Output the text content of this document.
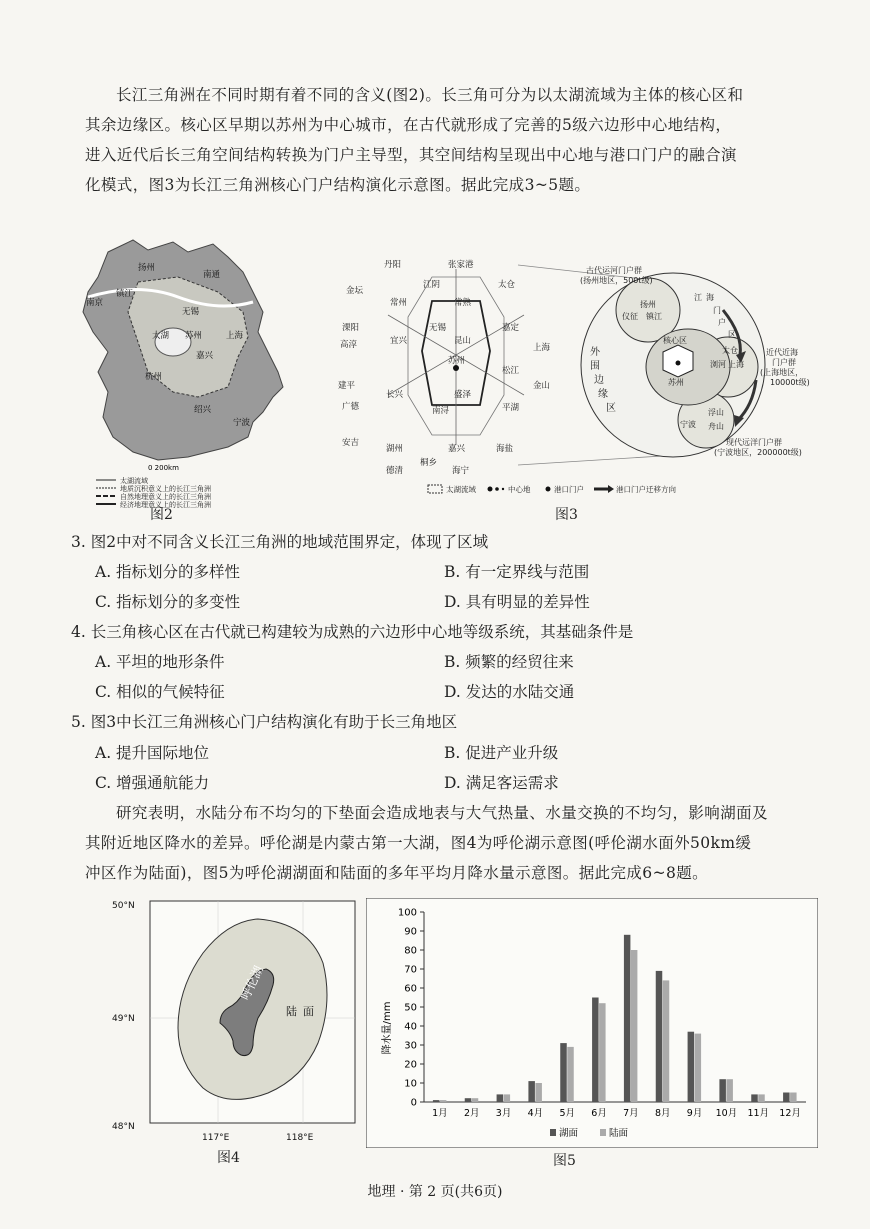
长江三角洲在不同时期有着不同的含义(图2)。长三角可分为以太湖流域为主体的核心区和
其余边缘区。核心区早期以苏州为中心城市，在古代就形成了完善的5级六边形中心地结构，
进入近代后长三角空间结构转换为门户主导型，其空间结构呈现出中心地与港口门户的融合演
化模式，图3为长江三角洲核心门户结构演化示意图。据此完成3~5题。
扬州
南通
南京
镇江
无锡
太湖 苏州	上海
嘉兴
杭州
绍兴
宁波
0 200km
太湖流域
地质沉积意义上的长江三角洲
自然地理意义上的长江三角洲
经济地理意义上的长江三角洲
图2
丹阳	张家港
江阴	太仓
金坛
常州	常熟
溧阳	无锡	嘉定
高淳	宜兴
苏州
昆山
上海
松江
建平
广德
长兴
南浔
盛泽
平湖
金山
安吉
湖州	嘉兴	海盐
德清
桐乡
海宁
古代运河门户群(扬州地区，500t级)
扬州
镇江
仪征
江 海
门
户
区
外围边缘区
核心区
苏州
上海
太仓
浏河
浮山
宁波 舟山
近代近海门户群(上海地区， 10000t级)
现代远洋门户群(宁波地区，200000t级)
太湖流域	中心地	港口门户	港口门户迁移方向
图3
3. 图2中对不同含义长江三角洲的地域范围界定，体现了区域
A. 指标划分的多样性	B. 有一定界线与范围
C. 指标划分的多变性	D. 具有明显的差异性
4. 长三角核心区在古代就已构建较为成熟的六边形中心地等级系统，其基础条件是
A. 平坦的地形条件	B. 频繁的经贸往来
C. 相似的气候特征	D. 发达的水陆交通
5. 图3中长江三角洲核心门户结构演化有助于长三角地区
A. 提升国际地位	B. 促进产业升级
C. 增强通航能力	D. 满足客运需求
研究表明，水陆分布不均匀的下垫面会造成地表与大气热量、水量交换的不均匀，影响湖面及
其附近地区降水的差异。呼伦湖是内蒙古第一大湖，图4为呼伦湖示意图(呼伦湖水面外50km缓
冲区作为陆面)，图5为呼伦湖湖面和陆面的多年平均月降水量示意图。据此完成6~8题。
50°N
49°N
48°N
117°E	118°E
呼伦湖
陆面
图4
0
10
20
30
40
50
60
70
80
90
100
1月 2月 3月 4月 5月 6月 7月 8月 9月 10月 11月 12月
降水量/mm
湖面	陆面
图5
地理 · 第 2 页(共6页)
